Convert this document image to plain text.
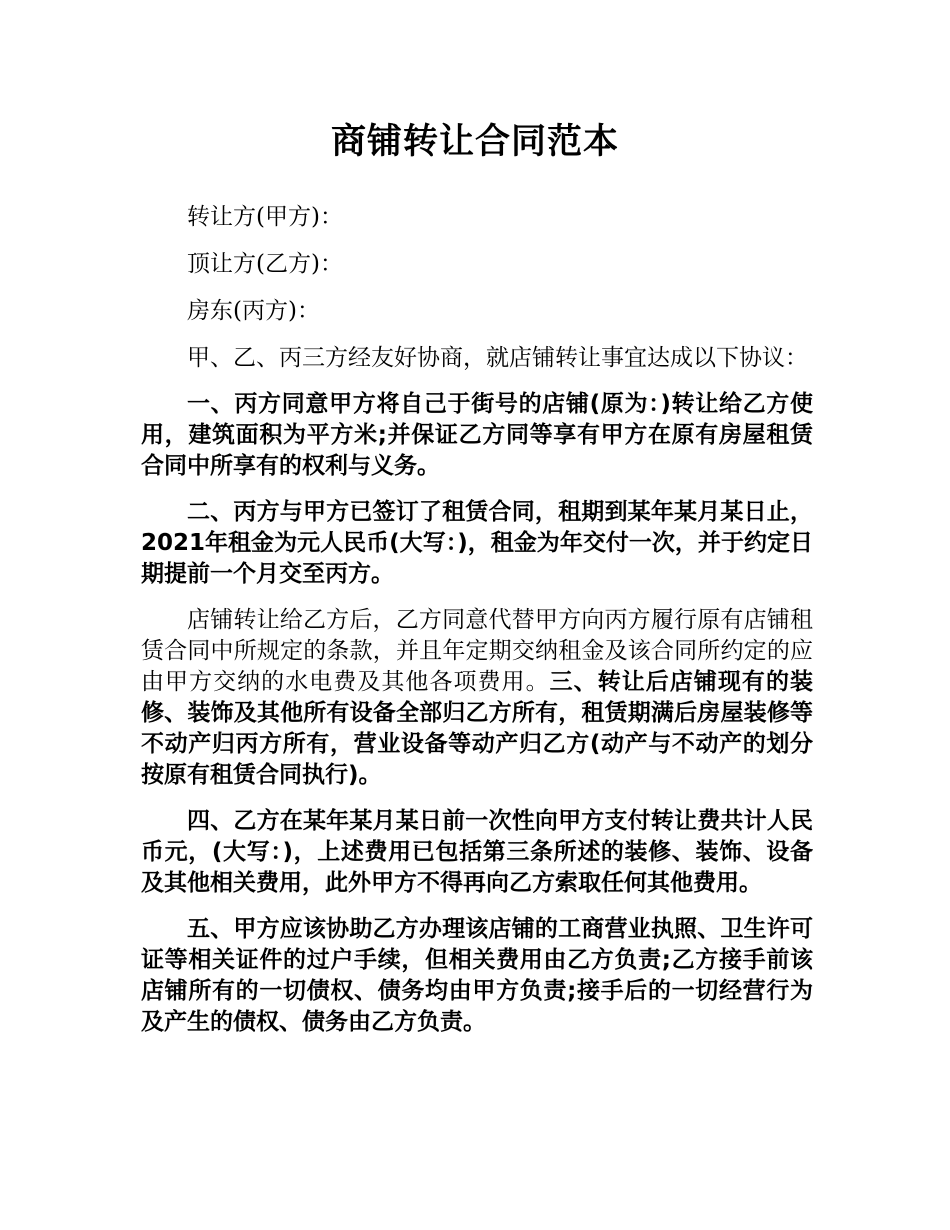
商铺转让合同范本

转让方(甲方)：

顶让方(乙方)：

房东(丙方)：

甲、乙、丙三方经友好协商，就店铺转让事宜达成以下协议：

一、丙方同意甲方将自己于街号的店铺(原为：)转让给乙方使用，建筑面积为平方米;并保证乙方同等享有甲方在原有房屋租赁合同中所享有的权利与义务。

二、丙方与甲方已签订了租赁合同，租期到某年某月某日止，2021年租金为元人民币(大写：)，租金为年交付一次，并于约定日期提前一个月交至丙方。

店铺转让给乙方后，乙方同意代替甲方向丙方履行原有店铺租赁合同中所规定的条款，并且年定期交纳租金及该合同所约定的应由甲方交纳的水电费及其他各项费用。三、转让后店铺现有的装修、装饰及其他所有设备全部归乙方所有，租赁期满后房屋装修等不动产归丙方所有，营业设备等动产归乙方(动产与不动产的划分按原有租赁合同执行)。

四、乙方在某年某月某日前一次性向甲方支付转让费共计人民币元，(大写：)，上述费用已包括第三条所述的装修、装饰、设备及其他相关费用，此外甲方不得再向乙方索取任何其他费用。

五、甲方应该协助乙方办理该店铺的工商营业执照、卫生许可证等相关证件的过户手续，但相关费用由乙方负责;乙方接手前该店铺所有的一切债权、债务均由甲方负责;接手后的一切经营行为及产生的债权、债务由乙方负责。
